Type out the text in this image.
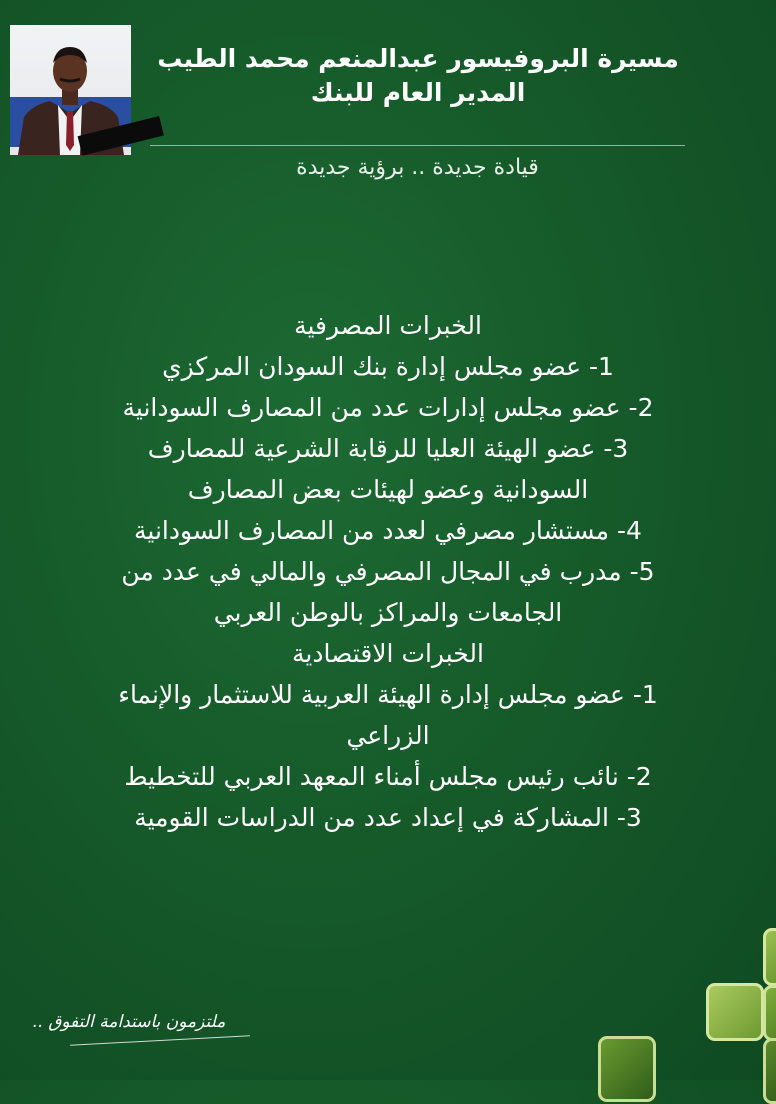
مسيرة البروفيسور عبدالمنعم محمد الطيب
المدير العام للبنك
قيادة جديدة .. برؤية جديدة
الخبرات المصرفية
1- عضو مجلس إدارة بنك السودان المركزي
2- عضو مجلس إدارات عدد من المصارف السودانية
3- عضو الهيئة العليا للرقابة الشرعية للمصارف
السودانية وعضو لهيئات بعض المصارف
4- مستشار مصرفي لعدد من المصارف السودانية
5- مدرب في المجال المصرفي والمالي في عدد من
الجامعات والمراكز بالوطن العربي
الخبرات الاقتصادية
1- عضو مجلس إدارة الهيئة العربية للاستثمار والإنماء
الزراعي
2- نائب رئيس مجلس أمناء المعهد العربي للتخطيط
3- المشاركة في إعداد عدد من الدراسات القومية
ملتزمون باستدامة التفوق ..
